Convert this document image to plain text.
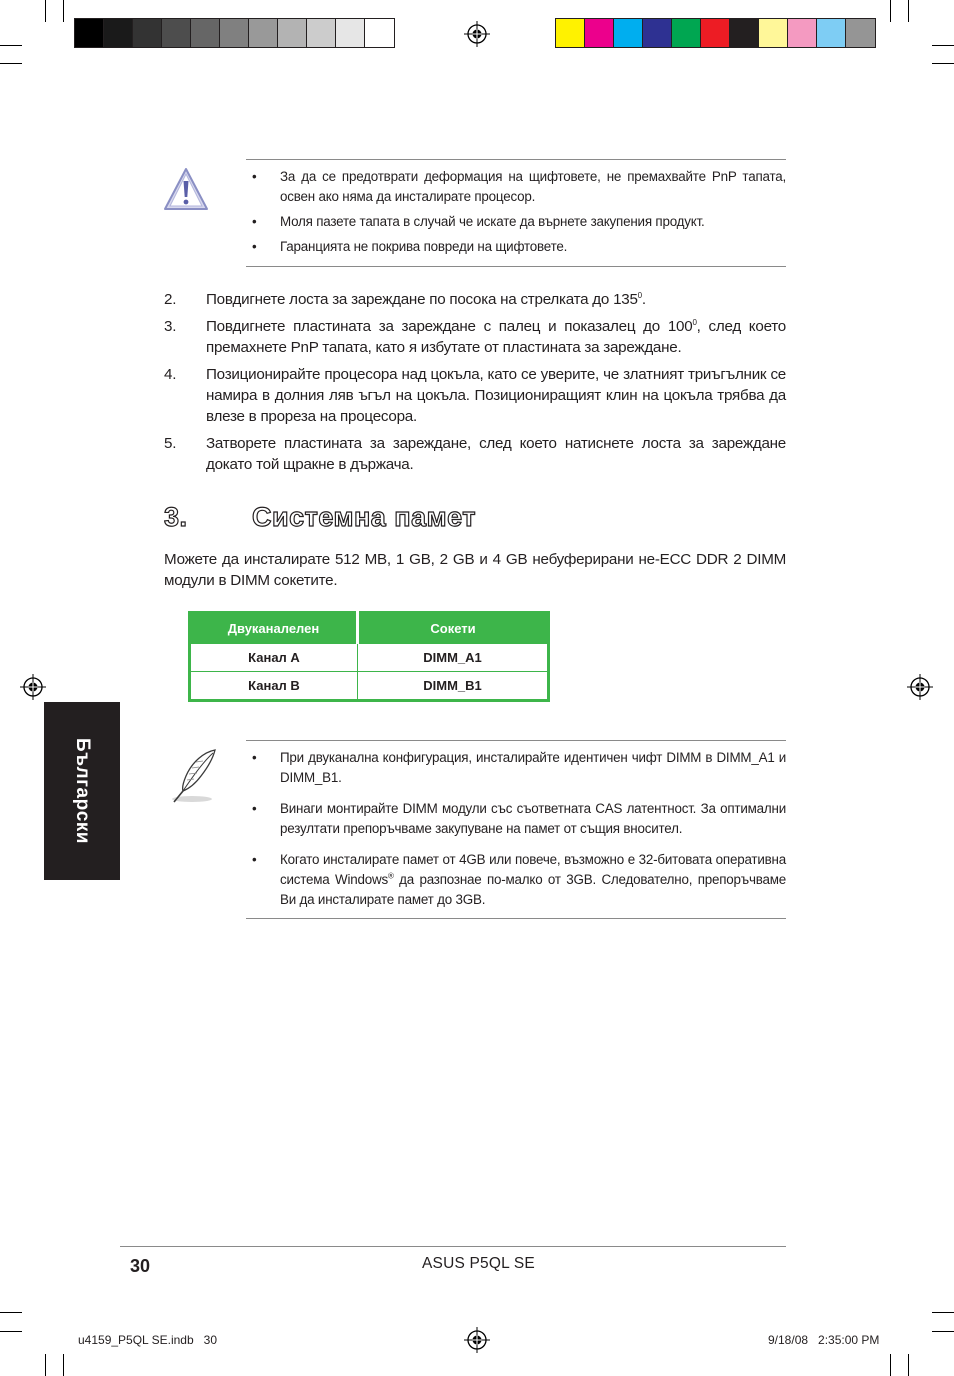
• За да се предотврати деформация на щифтовете, не премахвайте PnP тапата, освен ако няма да инсталирате процесор.
• Моля пазете тапата в случай че искате да върнете закупения продукт.
• Гаранцията не покрива повреди на щифтовете.
2. Повдигнете лоста за зареждане по посока на стрелката до $135^0$.
3. Повдигнете пластината за зареждане с палец и показалец до $100^0$, след което премахнете PnP тапата, като я избутате от пластината за зареждане.
4. Позиционирайте процесора над цокъла, като се уверите, че златният триъгълник се намира в долния ляв ъгъл на цокъла. Позициониращият клин на цокъла трябва да влезе в прореза на процесора.
5. Затворете пластината за зареждане, след което натиснете лоста за зареждане докато той щракне в държача.
3. Системна памет
Можете да инсталирате 512 MB, 1 GB, 2 GB и 4 GB небуферирани не-ECC DDR 2 DIMM модули в DIMM сокетите.
Двуканалелен	Сокети
Канал A	DIMM_A1
Канал B	DIMM_B1
Български	• При двуканална конфигурация, инсталирайте идентичен чифт DIMM в DIMM_A1 и DIMM_B1.
• Винаги монтирайте DIMM модули със съответната CAS латентност. За оптимални резултати препоръчваме закупуване на памет от същия вносител.
• Когато инсталирате памет от 4GB или повече, възможно е 32-битовата оперативна система Windows® да разпознае по-малко от 3GB. Следователно, препоръчваме Ви да инсталирате памет до 3GB.
30	ASUS P5QL SE
u4159_P5QL SE.indb   30	9/18/08   2:35:00 PM
